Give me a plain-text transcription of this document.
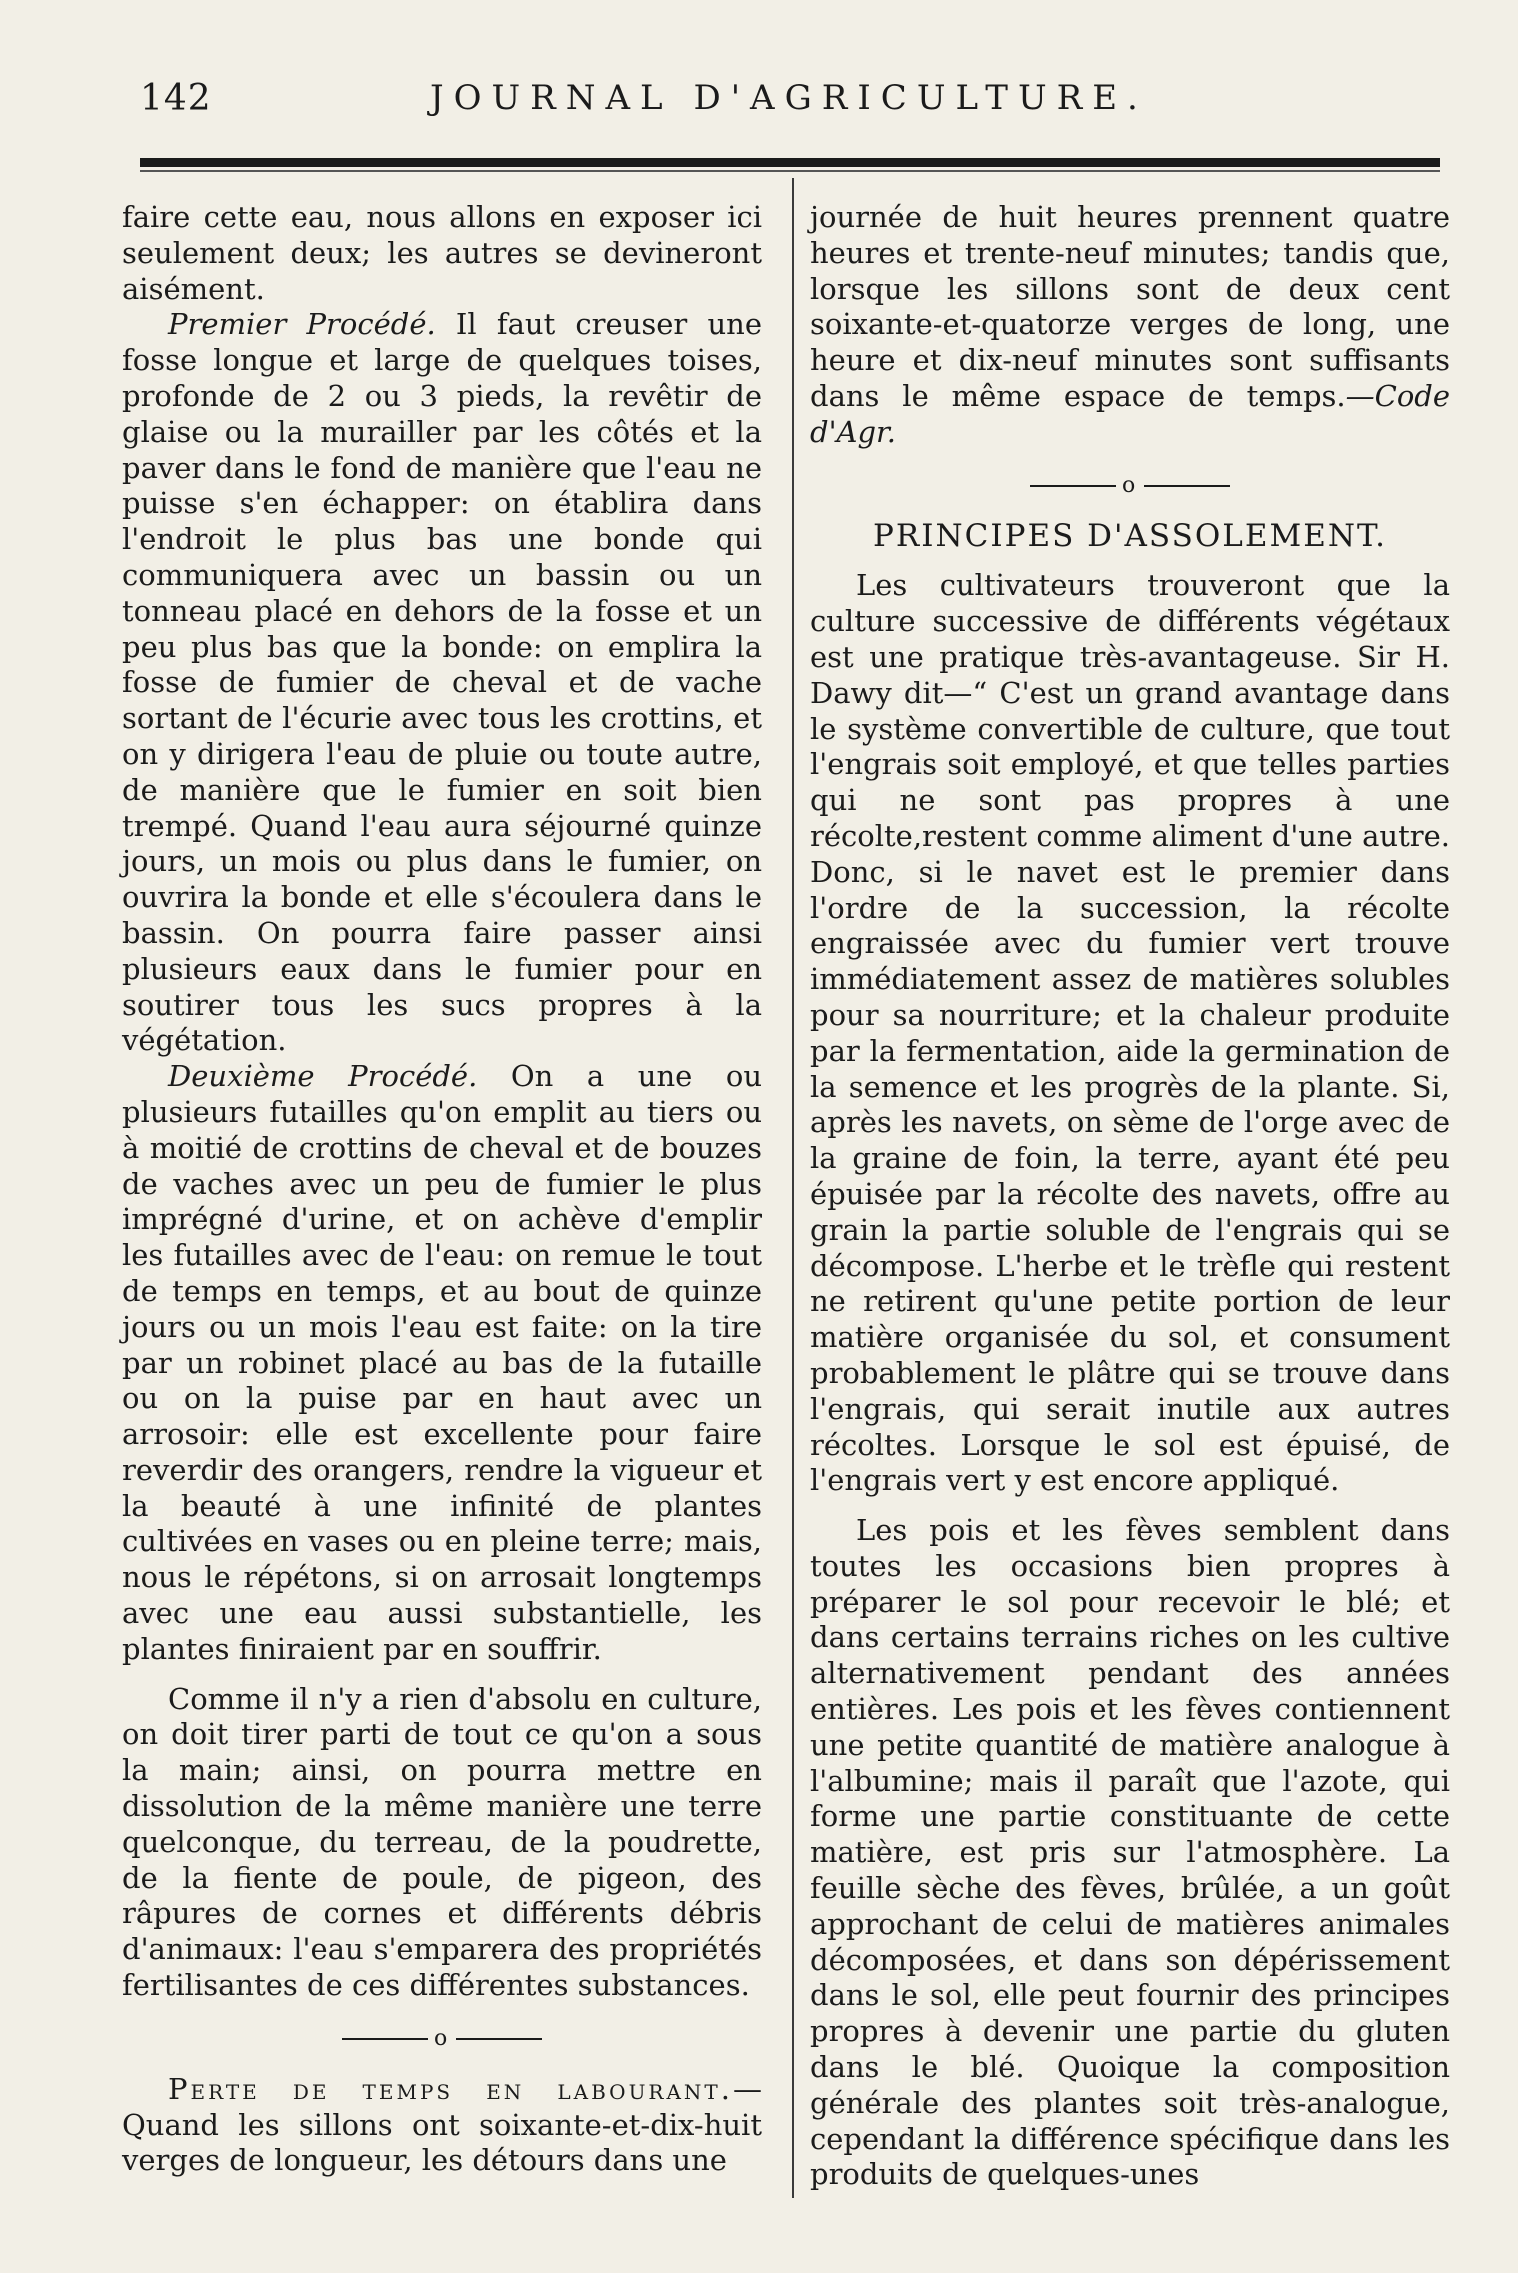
142	JOURNAL D'AGRICULTURE.

faire cette eau, nous allons en exposer ici seulement deux; les autres se devineront aisément.

Premier Procédé. Il faut creuser une fosse longue et large de quelques toises, profonde de 2 ou 3 pieds, la revêtir de glaise ou la murailler par les côtés et la paver dans le fond de manière que l'eau ne puisse s'en échapper: on établira dans l'endroit le plus bas une bonde qui communiquera avec un bassin ou un tonneau placé en dehors de la fosse et un peu plus bas que la bonde: on emplira la fosse de fumier de cheval et de vache sortant de l'écurie avec tous les crottins, et on y dirigera l'eau de pluie ou toute autre, de manière que le fumier en soit bien trempé. Quand l'eau aura séjourné quinze jours, un mois ou plus dans le fumier, on ouvrira la bonde et elle s'écoulera dans le bassin. On pourra faire passer ainsi plusieurs eaux dans le fumier pour en soutirer tous les sucs propres à la végétation.

Deuxième Procédé. On a une ou plusieurs futailles qu'on emplit au tiers ou à moitié de crottins de cheval et de bouzes de vaches avec un peu de fumier le plus imprégné d'urine, et on achève d'emplir les futailles avec de l'eau: on remue le tout de temps en temps, et au bout de quinze jours ou un mois l'eau est faite: on la tire par un robinet placé au bas de la futaille ou on la puise par en haut avec un arrosoir: elle est excellente pour faire reverdir des orangers, rendre la vigueur et la beauté à une infinité de plantes cultivées en vases ou en pleine terre; mais, nous le répétons, si on arrosait longtemps avec une eau aussi substantielle, les plantes finiraient par en souffrir.

Comme il n'y a rien d'absolu en culture, on doit tirer parti de tout ce qu'on a sous la main; ainsi, on pourra mettre en dissolution de la même manière une terre quelconque, du terreau, de la poudrette, de la fiente de poule, de pigeon, des râpures de cornes et différents débris d'animaux: l'eau s'emparera des propriétés fertilisantes de ces différentes substances.

o

Perte de temps en labourant.— Quand les sillons ont soixante-et-dix-huit verges de longueur, les détours dans une

journée de huit heures prennent quatre heures et trente-neuf minutes; tandis que, lorsque les sillons sont de deux cent soixante-et-quatorze verges de long, une heure et dix-neuf minutes sont suffisants dans le même espace de temps.—Code d'Agr.

o
PRINCIPES D'ASSOLEMENT.

Les cultivateurs trouveront que la culture successive de différents végétaux est une pratique très-avantageuse. Sir H. Dawy dit—“ C'est un grand avantage dans le système convertible de culture, que tout l'engrais soit employé, et que telles parties qui ne sont pas propres à une récolte,restent comme aliment d'une autre. Donc, si le navet est le premier dans l'ordre de la succession, la récolte engraissée avec du fumier vert trouve immédiatement assez de matières solubles pour sa nourriture; et la chaleur produite par la fermentation, aide la germination de la semence et les progrès de la plante. Si, après les navets, on sème de l'orge avec de la graine de foin, la terre, ayant été peu épuisée par la récolte des navets, offre au grain la partie soluble de l'engrais qui se décompose. L'herbe et le trèfle qui restent ne retirent qu'une petite portion de leur matière organisée du sol, et consument probablement le plâtre qui se trouve dans l'engrais, qui serait inutile aux autres récoltes. Lorsque le sol est épuisé, de l'engrais vert y est encore appliqué.

Les pois et les fèves semblent dans toutes les occasions bien propres à préparer le sol pour recevoir le blé; et dans certains terrains riches on les cultive alternativement pendant des années entières. Les pois et les fèves contiennent une petite quantité de matière analogue à l'albumine; mais il paraît que l'azote, qui forme une partie constituante de cette matière, est pris sur l'atmosphère. La feuille sèche des fèves, brûlée, a un goût approchant de celui de matières animales décomposées, et dans son dépérissement dans le sol, elle peut fournir des principes propres à devenir une partie du gluten dans le blé. Quoique la composition générale des plantes soit très-analogue, cependant la différence spécifique dans les produits de quelques-unes
